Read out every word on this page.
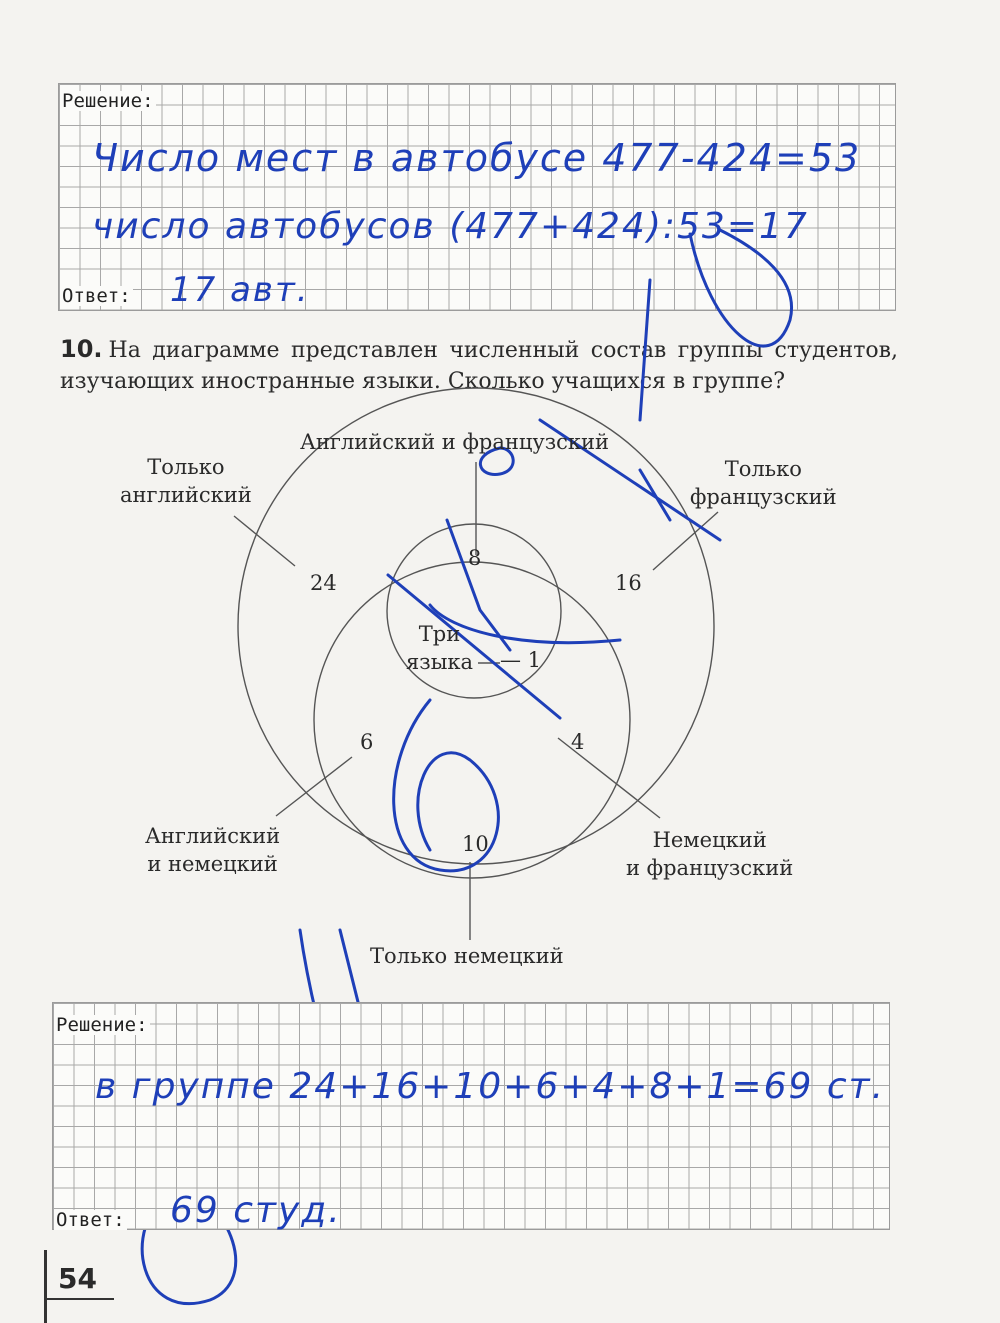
Решение:
Ответ:
Число мест в автобусе 477-424=53
число автобусов (477+424):53=17
17 авт.
10. На диаграмме представлен численный состав группы студентов, изучающих иностранные языки. Сколько учащихся в группе?
Английский и французский
Только
английский
Только
французский
Английский
и немецкий
Немецкий
и французский
Только немецкий
Три
языка — 1
24	16
8
6	4
10
Решение:
Ответ:
в группе 24+16+10+6+4+8+1=69 ст.
69 студ.
54
